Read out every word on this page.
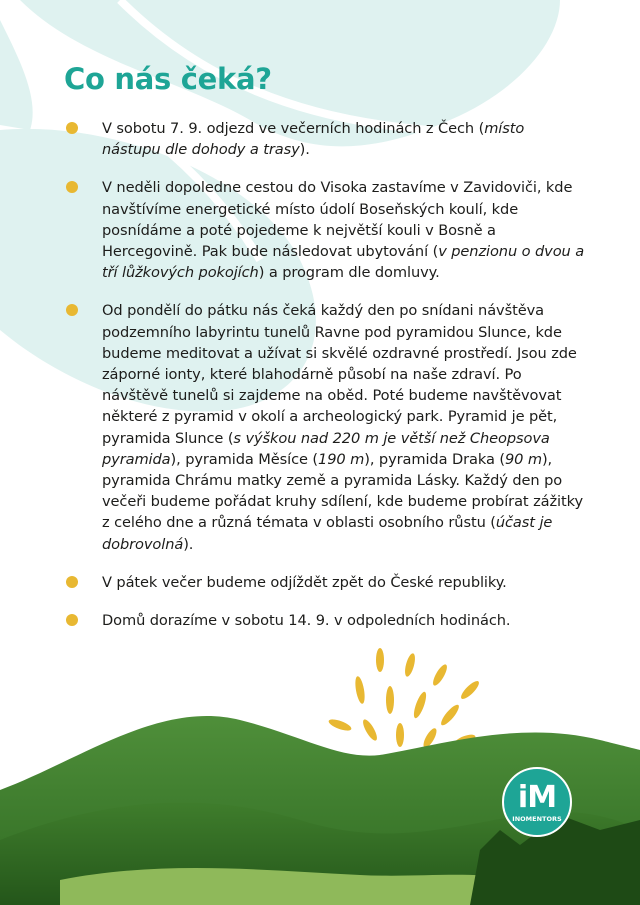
Co nás čeká?
V sobotu 7. 9. odjezd ve večerních hodinách z Čech (místo nástupu dle dohody a trasy).
V neděli dopoledne cestou do Visoka zastavíme v Zavidoviči, kde navštívíme energetické místo údolí Boseňských koulí, kde posnídáme a poté pojedeme k největší kouli v Bosně a Hercegovině. Pak bude následovat ubytování (v penzionu o dvou a tří lůžkových pokojích) a program dle domluvy.
Od pondělí do pátku nás čeká každý den po snídani návštěva podzemního labyrintu tunelů Ravne pod pyramidou Slunce, kde budeme meditovat a užívat si skvělé ozdravné prostředí. Jsou zde záporné ionty, které blahodárně působí na naše zdraví. Po návštěvě tunelů si zajdeme na oběd. Poté budeme navštěvovat některé z pyramid v okolí a archeologický park. Pyramid je pět, pyramida Slunce (s výškou nad 220 m je větší než Cheopsova pyramida), pyramida Měsíce (190 m), pyramida Draka (90 m), pyramida Chrámu matky země a pyramida Lásky. Každý den po večeři budeme pořádat kruhy sdílení, kde budeme probírat zážitky z celého dne a různá témata v oblasti osobního růstu (účast je dobrovolná).
V pátek večer budeme odjíždět zpět do České republiky.
Domů dorazíme v sobotu 14. 9. v odpoledních hodinách.
iM
INOMENTORS
